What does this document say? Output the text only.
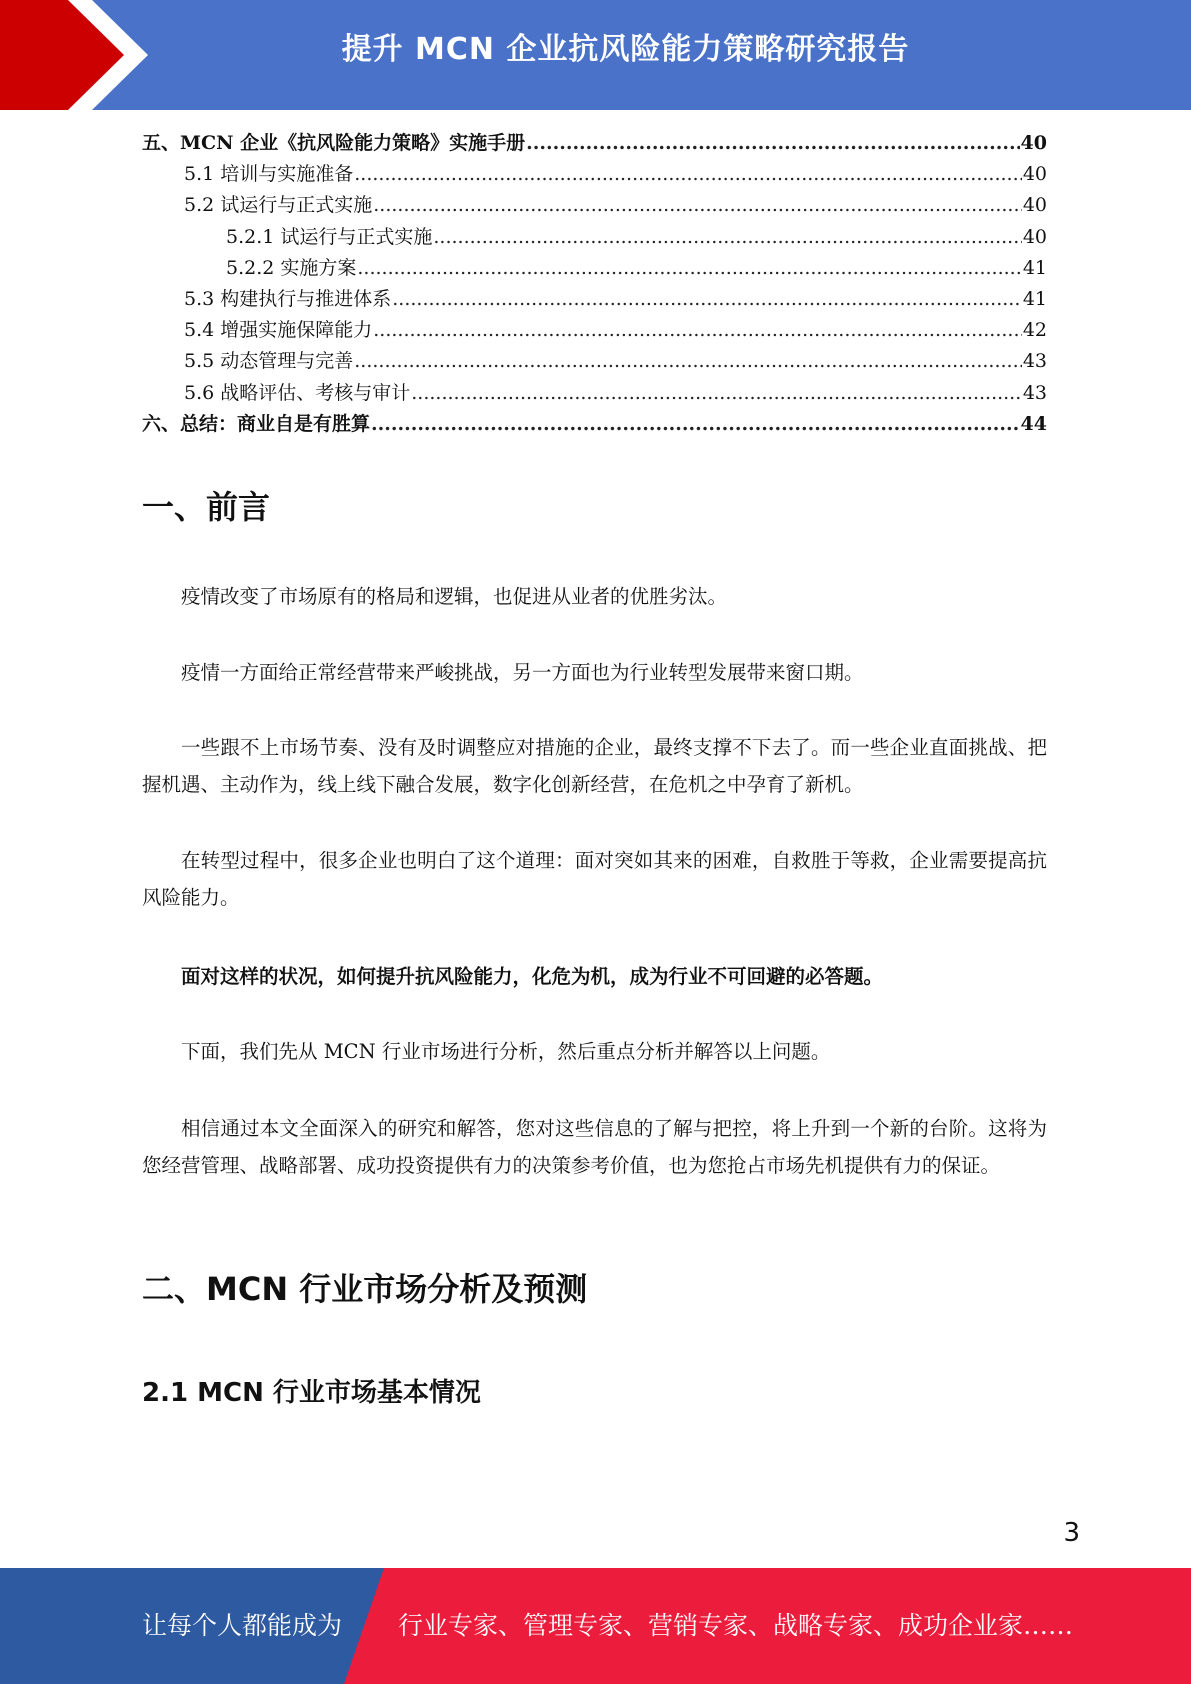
提升 MCN 企业抗风险能力策略研究报告
五、MCN 企业《抗风险能力策略》实施手册 .....	40
5.1 培训与实施准备 .....	40
5.2 试运行与正式实施 .....	40
5.2.1 试运行与正式实施 .....	40
5.2.2 实施方案 .....	41
5.3 构建执行与推进体系 .....	41
5.4 增强实施保障能力 .....	42
5.5 动态管理与完善 .....	43
5.6 战略评估、考核与审计 .....	43
六、总结：商业自是有胜算 .....	44
一、前言
疫情改变了市场原有的格局和逻辑，也促进从业者的优胜劣汰。
疫情一方面给正常经营带来严峻挑战，另一方面也为行业转型发展带来窗口期。
一些跟不上市场节奏、没有及时调整应对措施的企业，最终支撑不下去了。而一些企业直面挑战、把握机遇、主动作为，线上线下融合发展，数字化创新经营，在危机之中孕育了新机。
在转型过程中，很多企业也明白了这个道理：面对突如其来的困难，自救胜于等救，企业需要提高抗风险能力。
面对这样的状况，如何提升抗风险能力，化危为机，成为行业不可回避的必答题。
下面，我们先从 MCN 行业市场进行分析，然后重点分析并解答以上问题。
相信通过本文全面深入的研究和解答，您对这些信息的了解与把控，将上升到一个新的台阶。这将为您经营管理、战略部署、成功投资提供有力的决策参考价值，也为您抢占市场先机提供有力的保证。
二、MCN 行业市场分析及预测
2.1 MCN 行业市场基本情况
3
让每个人都能成为 行业专家、管理专家、营销专家、战略专家、成功企业家……
